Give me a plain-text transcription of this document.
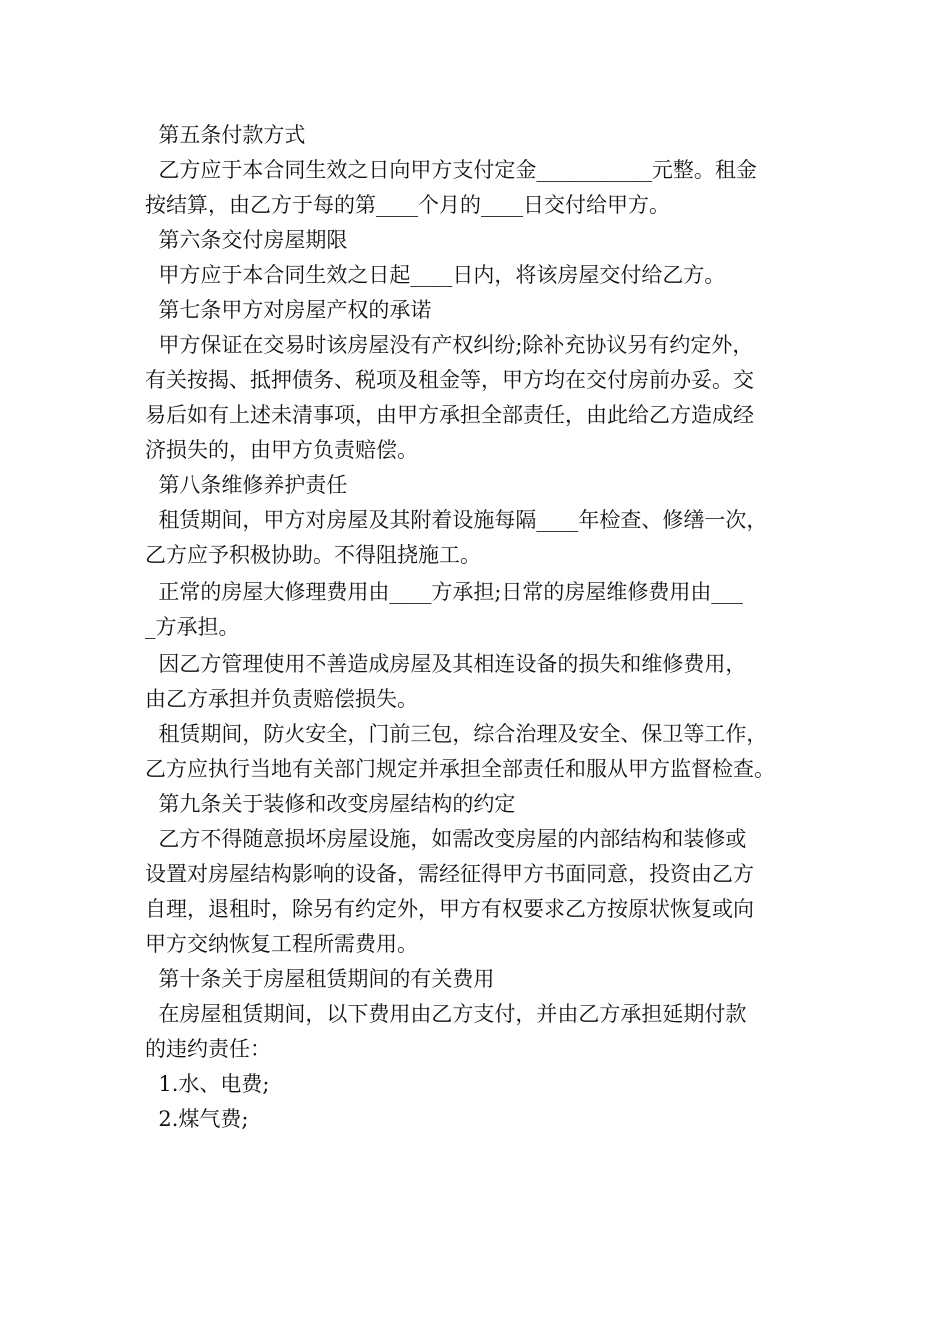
第五条付款方式

乙方应于本合同生效之日向甲方支付定金___________元整。租金

按结算，由乙方于每的第____个月的____日交付给甲方。

第六条交付房屋期限

甲方应于本合同生效之日起____日内，将该房屋交付给乙方。

第七条甲方对房屋产权的承诺

甲方保证在交易时该房屋没有产权纠纷;除补充协议另有约定外，

有关按揭、抵押债务、税项及租金等，甲方均在交付房前办妥。交

易后如有上述未清事项，由甲方承担全部责任，由此给乙方造成经

济损失的，由甲方负责赔偿。

第八条维修养护责任

租赁期间，甲方对房屋及其附着设施每隔____年检查、修缮一次，

乙方应予积极协助。不得阻挠施工。

正常的房屋大修理费用由____方承担;日常的房屋维修费用由___

_方承担。

因乙方管理使用不善造成房屋及其相连设备的损失和维修费用，

由乙方承担并负责赔偿损失。

租赁期间，防火安全，门前三包，综合治理及安全、保卫等工作，

乙方应执行当地有关部门规定并承担全部责任和服从甲方监督检查。

第九条关于装修和改变房屋结构的约定

乙方不得随意损坏房屋设施，如需改变房屋的内部结构和装修或

设置对房屋结构影响的设备，需经征得甲方书面同意，投资由乙方

自理，退租时，除另有约定外，甲方有权要求乙方按原状恢复或向

甲方交纳恢复工程所需费用。

第十条关于房屋租赁期间的有关费用

在房屋租赁期间，以下费用由乙方支付，并由乙方承担延期付款

的违约责任：

1.水、电费;

2.煤气费;
